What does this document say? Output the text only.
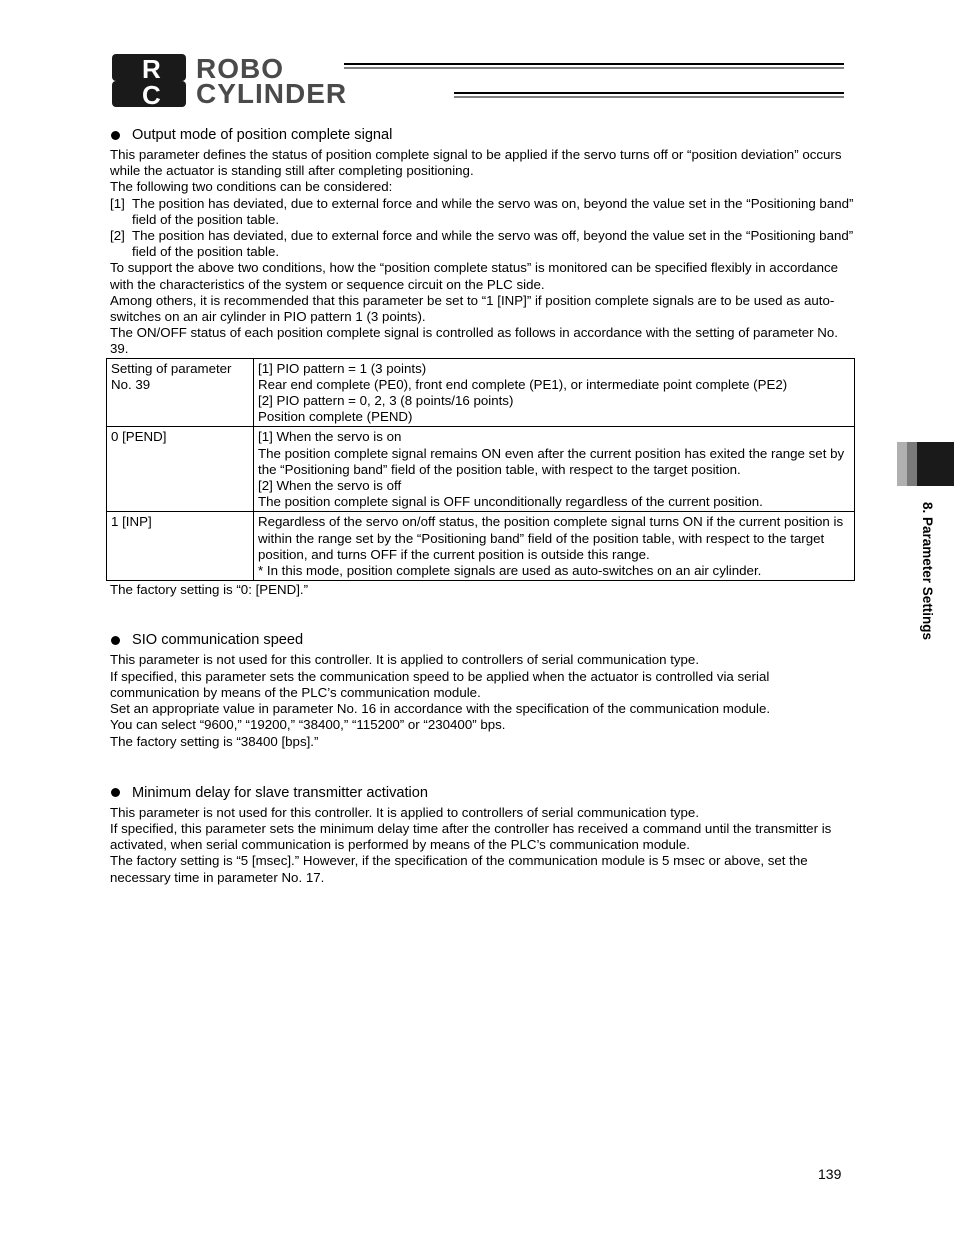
R
C
ROBO
CYLINDER
Output mode of position complete signal

This parameter defines the status of position complete signal to be applied if the servo turns off or “position deviation” occurs while the actuator is standing still after completing positioning.

The following two conditions can be considered:

[1] The position has deviated, due to external force and while the servo was on, beyond the value set in the “Positioning band” field of the position table.
[2] The position has deviated, due to external force and while the servo was off, beyond the value set in the “Positioning band” field of the position table.

To support the above two conditions, how the “position complete status” is monitored can be specified flexibly in accordance with the characteristics of the system or sequence circuit on the PLC side.

Among others, it is recommended that this parameter be set to “1 [INP]” if position complete signals are to be used as auto-switches on an air cylinder in PIO pattern 1 (3 points).

The ON/OFF status of each position complete signal is controlled as follows in accordance with the setting of parameter No. 39.

Setting of parameter No. 39	[1] PIO pattern = 1 (3 points)
Rear end complete (PE0), front end complete (PE1), or intermediate point complete (PE2)
[2] PIO pattern = 0, 2, 3 (8 points/16 points)
Position complete (PEND)

0 [PEND]	[1] When the servo is on
The position complete signal remains ON even after the current position has exited the range set by the “Positioning band” field of the position table, with respect to the target position.
[2] When the servo is off
The position complete signal is OFF unconditionally regardless of the current position.

1 [INP]	Regardless of the servo on/off status, the position complete signal turns ON if the current position is within the range set by the “Positioning band” field of the position table, with respect to the target position, and turns OFF if the current position is outside this range.
* In this mode, position complete signals are used as auto-switches on an air cylinder.

The factory setting is “0: [PEND].”

SIO communication speed

This parameter is not used for this controller. It is applied to controllers of serial communication type.

If specified, this parameter sets the communication speed to be applied when the actuator is controlled via serial communication by means of the PLC’s communication module.

Set an appropriate value in parameter No. 16 in accordance with the specification of the communication module.

You can select “9600,” “19200,” “38400,” “115200” or “230400” bps.

The factory setting is “38400 [bps].”

Minimum delay for slave transmitter activation

This parameter is not used for this controller. It is applied to controllers of serial communication type.

If specified, this parameter sets the minimum delay time after the controller has received a command until the transmitter is activated, when serial communication is performed by means of the PLC’s communication module.

The factory setting is “5 [msec].” However, if the specification of the communication module is 5 msec or above, set the necessary time in parameter No. 17.

8. Parameter Settings
139
